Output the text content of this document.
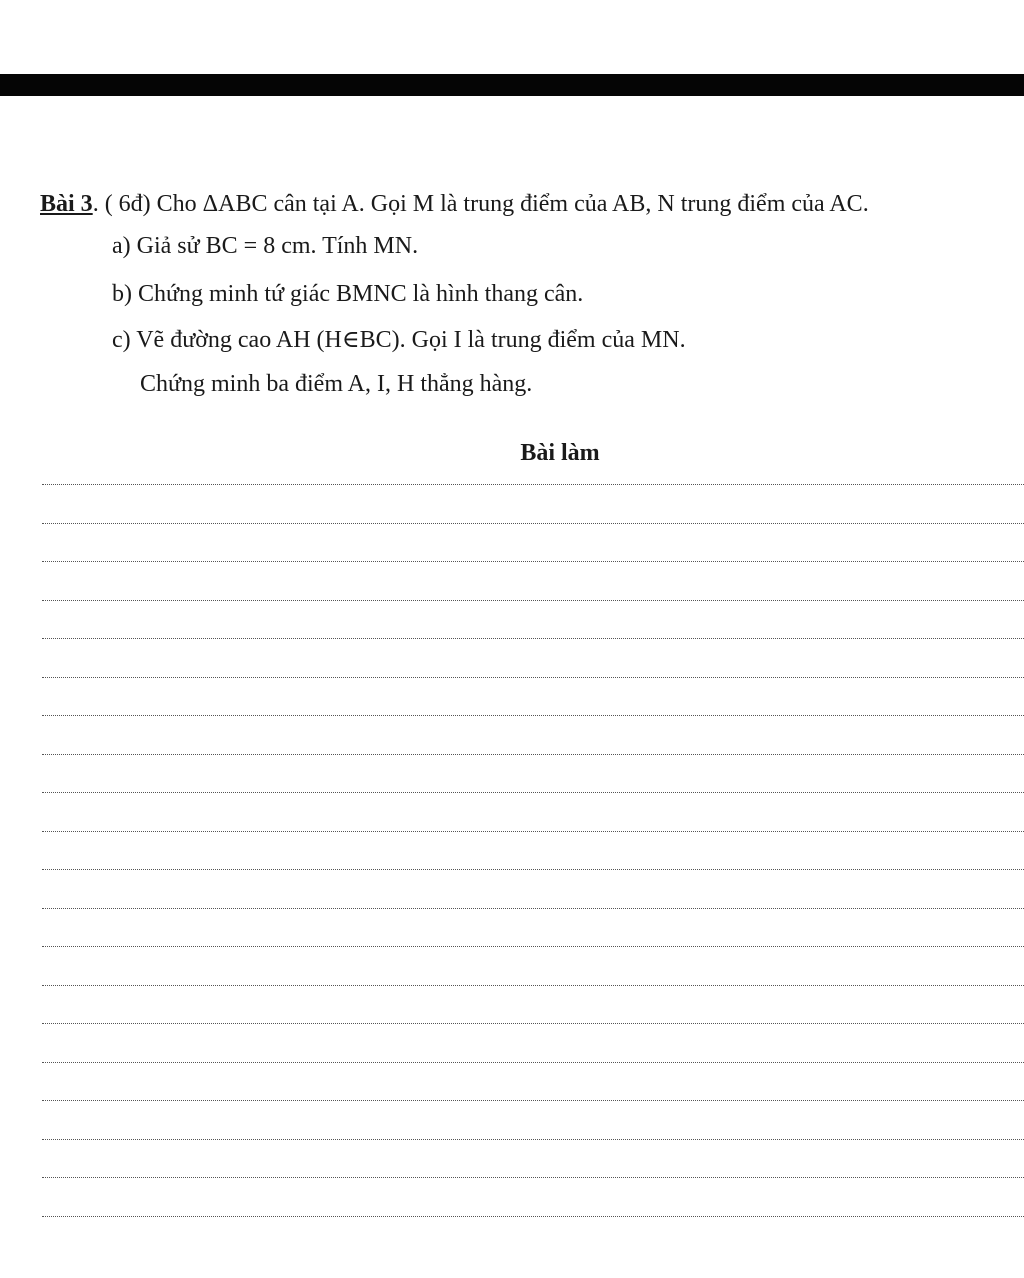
Bài 3. ( 6đ) Cho ΔABC cân tại A. Gọi M là trung điểm của AB, N trung điểm của AC.
a) Giả sử BC = 8 cm. Tính MN.
b) Chứng minh tứ giác BMNC là hình thang cân.
c) Vẽ đường cao AH (H∈BC). Gọi I là trung điểm của MN.
Chứng minh ba điểm A, I, H thẳng hàng.
Bài làm
